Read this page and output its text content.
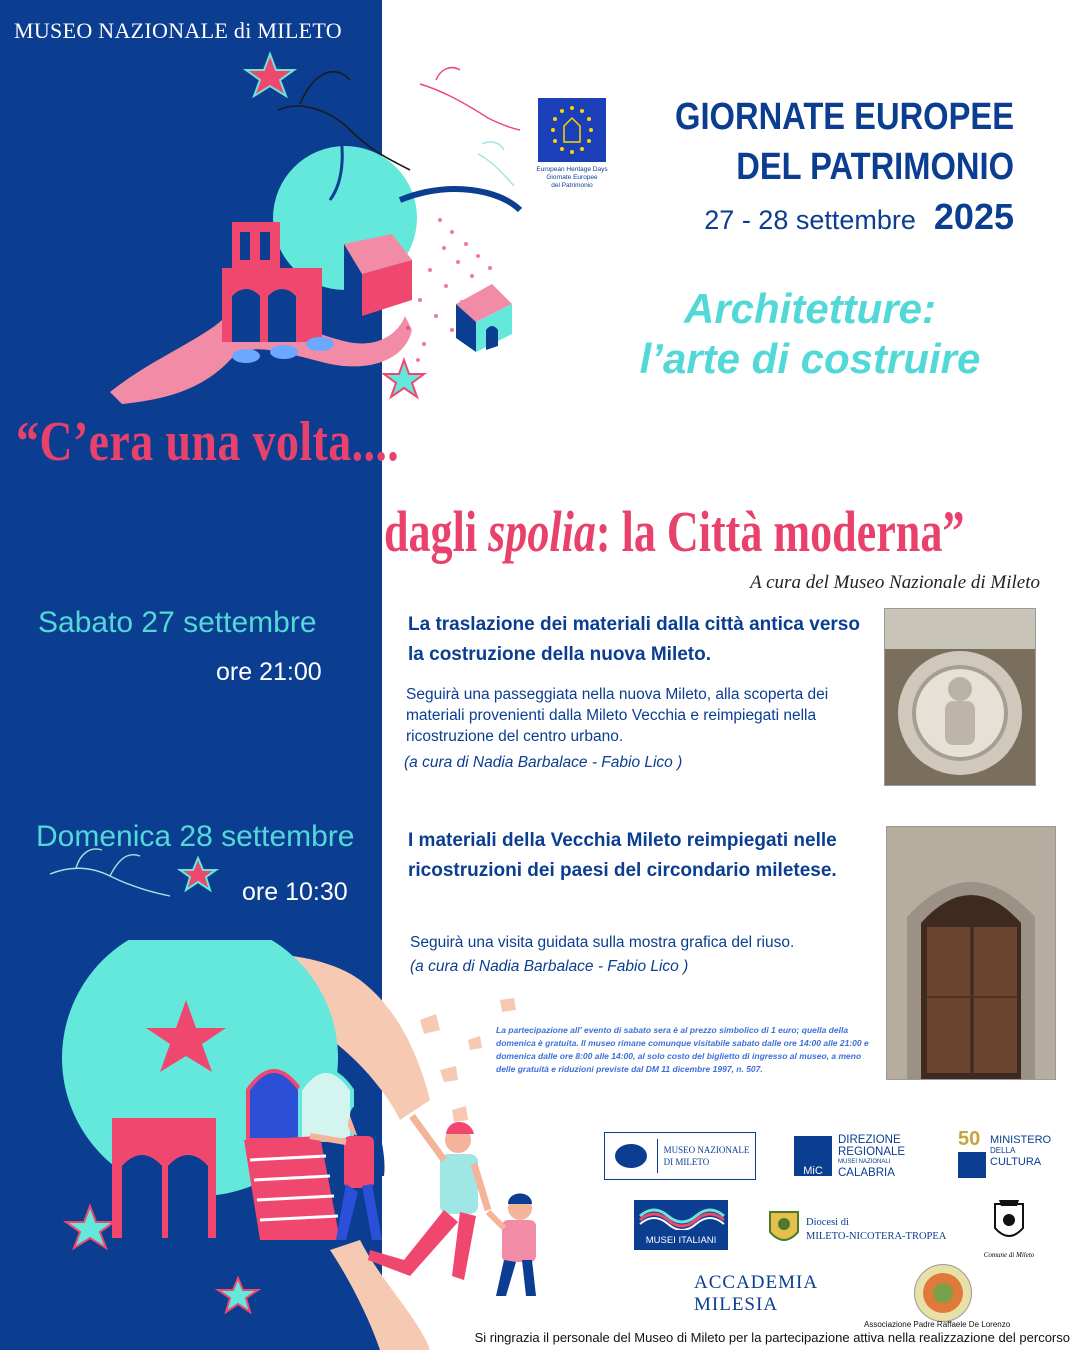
MUSEO NAZIONALE di MILETO
European Heritage Days
Giornate Europee
del Patrimonio
GIORNATE EUROPEE
DEL PATRIMONIO
27 - 28 settembre 2025
Architetture:
l’arte di costruire
“C’era una volta....
dagli spolia: la Città moderna”
A cura del Museo Nazionale di Mileto
Sabato 27 settembre
ore 21:00
La traslazione dei materiali dalla città antica verso la costruzione della nuova Mileto.
Seguirà una passeggiata nella nuova Mileto, alla scoperta dei materiali provenienti dalla Mileto Vecchia e reimpiegati nella ricostruzione del centro urbano.
(a cura di Nadia Barbalace - Fabio Lico )
Domenica 28 settembre
ore 10:30
I materiali della Vecchia Mileto reimpiegati nelle ricostruzioni dei paesi del circondario miletese.
Seguirà una visita guidata sulla mostra grafica del riuso.
(a cura di Nadia Barbalace - Fabio Lico )
La partecipazione all' evento di sabato sera è al prezzo simbolico di 1 euro; quella della domenica è gratuita. Il museo rimane comunque visitabile sabato dalle ore 14:00 alle 21:00 e domenica dalle ore 8:00 alle 14:00, al solo costo del biglietto di ingresso al museo, a meno delle gratuità e riduzioni previste dal DM 11 dicembre 1997, n. 507.
MUSEO NAZIONALE
DI MILETO
MiC
DIREZIONE
REGIONALE
MUSEI NAZIONALI
CALABRIA
50 MINISTERO
DELLA
CULTURA
MUSEI ITALIANI
Diocesi di
MILETO-NICOTERA-TROPEA
Comune di Mileto
ACCADEMIA MILESIA
Associazione Padre Raffaele De Lorenzo
Si ringrazia il personale del Museo di Mileto per la partecipazione attiva nella realizzazione del percorso
